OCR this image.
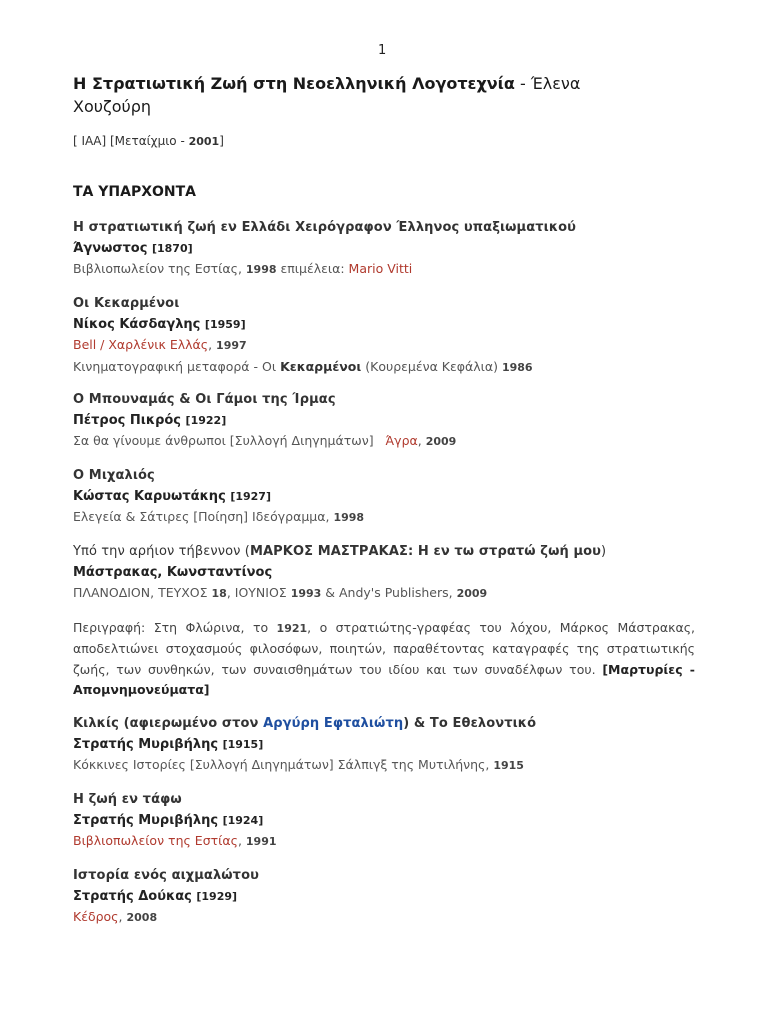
1
Η Στρατιωτική Ζωή στη Νεοελληνική Λογοτεχνία - Έλενα Χουζούρη
[ ΙΑΑ] [Μεταίχμιο - 2001]
ΤΑ ΥΠΑΡΧΟΝΤΑ
Η στρατιωτική ζωή εν Ελλάδι Χειρόγραφον Έλληνος υπαξιωματικού
Άγνωστος [1870]
Βιβλιοπωλείον της Εστίας, 1998 επιμέλεια: Mario Vitti
Οι Κεκαρμένοι
Νίκος Κάσδαγλης [1959]
Bell / Χαρλένικ Ελλάς, 1997
Κινηματογραφική μεταφορά - Οι Κεκαρμένοι (Κουρεμένα Κεφάλια) 1986
Ο Μπουναμάς & Οι Γάμοι της Ίρμας
Πέτρος Πικρός [1922]
Σα θα γίνουμε άνθρωποι [Συλλογή Διηγημάτων]   Άγρα, 2009
Ο Μιχαλιός
Κώστας Καρυωτάκης [1927]
Ελεγεία & Σάτιρες [Ποίηση] Ιδεόγραμμα, 1998
Υπό την αρήιον τήβεννον (ΜΑΡΚΟΣ ΜΑΣΤΡΑΚΑΣ: Η εν τω στρατώ ζωή μου)
Μάστρακας, Κωνσταντίνος
ΠΛΑΝΟΔΙΟΝ, ΤΕΥΧΟΣ 18, ΙΟΥΝΙΟΣ 1993 & Andy's Publishers, 2009
Περιγραφή: Στη Φλώρινα, το 1921, ο στρατιώτης-γραφέας του λόχου, Μάρκος Μάστρακας, αποδελτιώνει στοχασμούς φιλοσόφων, ποιητών, παραθέτοντας καταγραφές της στρατιωτικής ζωής, των συνθηκών, των συναισθημάτων του ιδίου και των συναδέλφων του. [Μαρτυρίες - Απομνημονεύματα]
Κιλκίς (αφιερωμένο στον Αργύρη Εφταλιώτη) & Το Εθελοντικό
Στρατής Μυριβήλης [1915]
Κόκκινες Ιστορίες [Συλλογή Διηγημάτων] Σάλπιγξ της Μυτιλήνης, 1915
Η ζωή εν τάφω
Στρατής Μυριβήλης [1924]
Βιβλιοπωλείον της Εστίας, 1991
Ιστορία ενός αιχμαλώτου
Στρατής Δούκας [1929]
Κέδρος, 2008
